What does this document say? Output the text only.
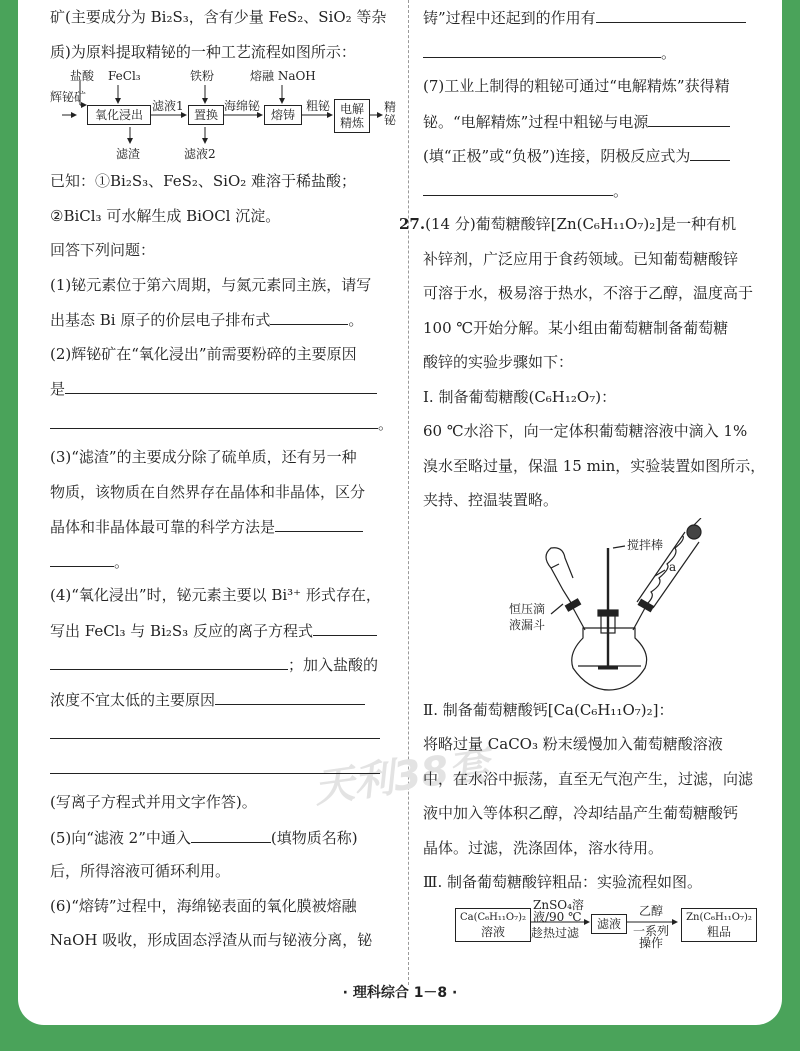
天利38套
矿(主要成分为 Bi₂S₃，含有少量 FeS₂、SiO₂ 等杂
质)为原料提取精铋的一种工艺流程如图所示：
辉铋矿
盐酸 FeCl₃
氧化浸出
滤液1
滤渣
铁粉
置换
滤液2
海绵铋
熔融 NaOH
熔铸
粗铋 电解精炼
精铋
已知：①Bi₂S₃、FeS₂、SiO₂ 难溶于稀盐酸；
②BiCl₃ 可水解生成 BiOCl 沉淀。
回答下列问题：
(1)铋元素位于第六周期，与氮元素同主族，请写
出基态 Bi 原子的价层电子排布式	。
(2)辉铋矿在“氧化浸出”前需要粉碎的主要原因
是
。
(3)“滤渣”的主要成分除了硫单质，还有另一种
物质，该物质在自然界存在晶体和非晶体，区分
晶体和非晶体最可靠的科学方法是
。
(4)“氧化浸出”时，铋元素主要以 Bi³⁺ 形式存在，
写出 FeCl₃ 与 Bi₂S₃ 反应的离子方程式
；加入盐酸的
浓度不宜太低的主要原因
(写离子方程式并用文字作答)。
(5)向“滤液 2”中通入	(填物质名称)
后，所得溶液可循环利用。
(6)“熔铸”过程中，海绵铋表面的氧化膜被熔融
NaOH 吸收，形成固态浮渣从而与铋液分离，铋
铸”过程中还起到的作用有
。
(7)工业上制得的粗铋可通过“电解精炼”获得精
铋。“电解精炼”过程中粗铋与电源
(填“正极”或“负极”)连接，阴极反应式为
。
27.(14 分)葡萄糖酸锌[Zn(C₆H₁₁O₇)₂]是一种有机
补锌剂，广泛应用于食药领域。已知葡萄糖酸锌
可溶于水，极易溶于热水，不溶于乙醇，温度高于
100 ℃开始分解。某小组由葡萄糖制备葡萄糖
酸锌的实验步骤如下：
Ⅰ. 制备葡萄糖酸(C₆H₁₂O₇)：
60 ℃水浴下，向一定体积葡萄糖溶液中滴入 1%
溴水至略过量，保温 15 min，实验装置如图所示，
夹持、控温装置略。
搅拌棒
a
恒压滴
液漏斗
Ⅱ. 制备葡萄糖酸钙[Ca(C₆H₁₁O₇)₂]：
将略过量 CaCO₃ 粉末缓慢加入葡萄糖酸溶液
中，在水浴中振荡，直至无气泡产生，过滤，向滤
液中加入等体积乙醇，冷却结晶产生葡萄糖酸钙
晶体。过滤，洗涤固体，溶水待用。
Ⅲ. 制备葡萄糖酸锌粗品：实验流程如图。
Ca(C₆H₁₁O₇)₂
溶液
ZnSO₄溶
液/90 ℃
趁热过滤
滤液
乙醇
一系列
操作
Zn(C₆H₁₁O₇)₂
粗品
· 理科综合 1－8 ·
